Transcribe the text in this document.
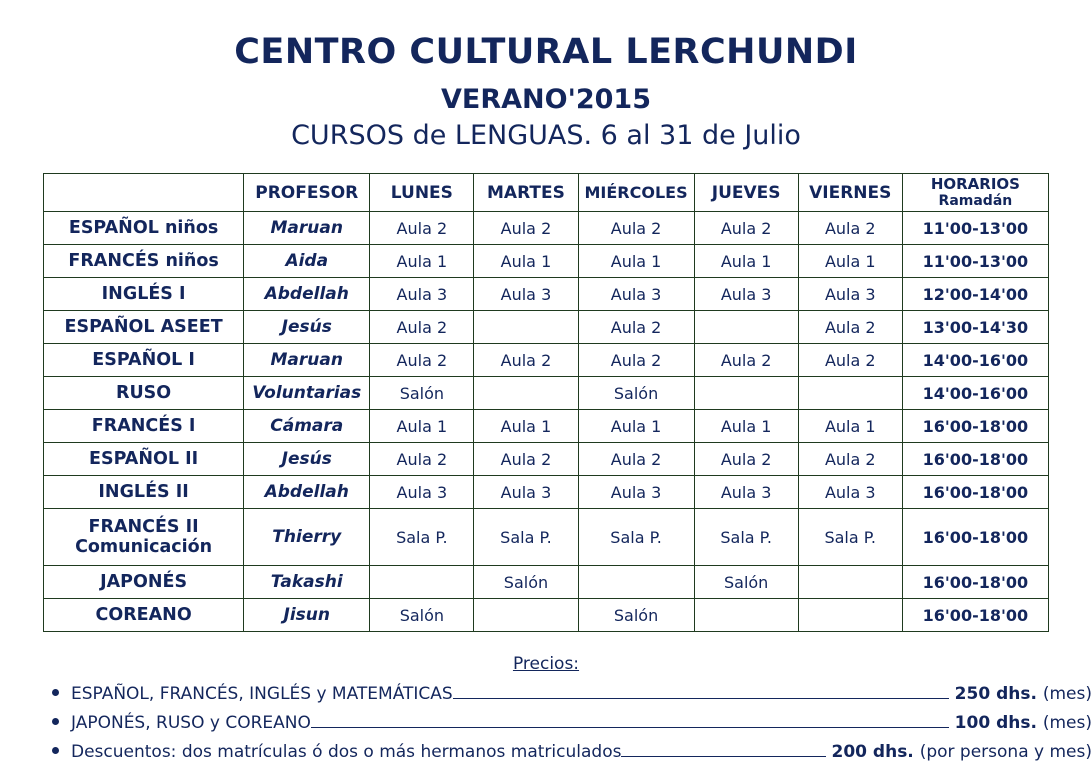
CENTRO CULTURAL LERCHUNDI
VERANO'2015
CURSOS de LENGUAS. 6 al 31 de Julio
	PROFESOR	LUNES	MARTES	MIÉRCOLES	JUEVES	VIERNES	HORARIOS
Ramadán

ESPAÑOL niños	Maruan	Aula 2	Aula 2	Aula 2	Aula 2	Aula 2	11'00-13'00

FRANCÉS niños	Aida	Aula 1	Aula 1	Aula 1	Aula 1	Aula 1	11'00-13'00

INGLÉS I	Abdellah	Aula 3	Aula 3	Aula 3	Aula 3	Aula 3	12'00-14'00

ESPAÑOL ASEET	Jesús	Aula 2		Aula 2		Aula 2	13'00-14'30

ESPAÑOL I	Maruan	Aula 2	Aula 2	Aula 2	Aula 2	Aula 2	14'00-16'00

RUSO	Voluntarias	Salón		Salón			14'00-16'00

FRANCÉS I	Cámara	Aula 1	Aula 1	Aula 1	Aula 1	Aula 1	16'00-18'00

ESPAÑOL II	Jesús	Aula 2	Aula 2	Aula 2	Aula 2	Aula 2	16'00-18'00

INGLÉS II	Abdellah	Aula 3	Aula 3	Aula 3	Aula 3	Aula 3	16'00-18'00

FRANCÉS II
Comunicación	Thierry	Sala P.	Sala P.	Sala P.	Sala P.	Sala P.	16'00-18'00

JAPONÉS	Takashi		Salón		Salón		16'00-18'00

COREANO	Jisun	Salón		Salón			16'00-18'00
Precios:
ESPAÑOL, FRANCÉS, INGLÉS y MATEMÁTICAS	250 dhs. (mes)
JAPONÉS, RUSO y COREANO	100 dhs. (mes)
Descuentos: dos matrículas ó dos o más hermanos matriculados	200 dhs. (por persona y mes)
